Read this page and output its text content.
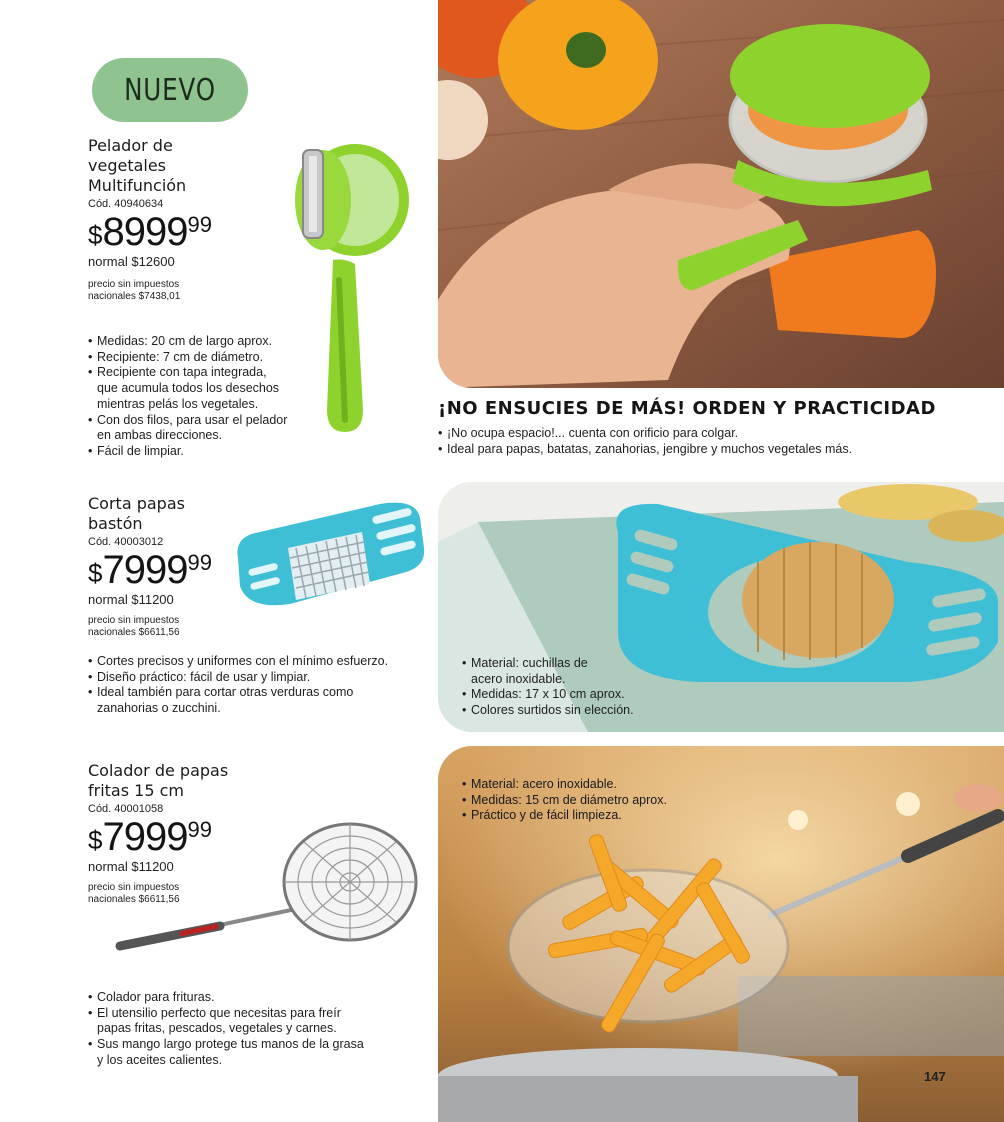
NUEVO
Pelador de
vegetales
Multifunción
Cód. 40940634
$ 8999 99
normal $12600
precio sin impuestos
nacionales $7438,01
• Medidas: 20 cm de largo aprox.
• Recipiente: 7 cm de diámetro.
• Recipiente con tapa integrada,
que acumula todos los desechos
mientras pelás los vegetales.
• Con dos filos, para usar el pelador
en ambas direcciones.
• Fácil de limpiar.
Corta papas
bastón
Cód. 40003012
$ 7999 99
normal $11200
precio sin impuestos
nacionales $6611,56
• Cortes precisos y uniformes con el mínimo esfuerzo.
• Diseño práctico: fácil de usar y limpiar.
• Ideal también para cortar otras verduras como
zanahorias o zucchini.
Colador de papas
fritas 15 cm
Cód. 40001058
$ 7999 99
normal $11200
precio sin impuestos
nacionales $6611,56
• Colador para frituras.
• El utensilio perfecto que necesitas para freír
papas fritas, pescados, vegetales y carnes.
• Sus mango largo protege tus manos de la grasa
y los aceites calientes.
¡NO ENSUCIES DE MÁS! ORDEN Y PRACTICIDAD
• ¡No ocupa espacio!... cuenta con orificio para colgar.
• Ideal para papas, batatas, zanahorias, jengibre y muchos vegetales más.
• Material: cuchillas de
acero inoxidable.
• Medidas: 17 x 10 cm aprox.
• Colores surtidos sin elección.
• Material: acero inoxidable.
• Medidas: 15 cm de diámetro aprox.
• Práctico y de fácil limpieza.
147
